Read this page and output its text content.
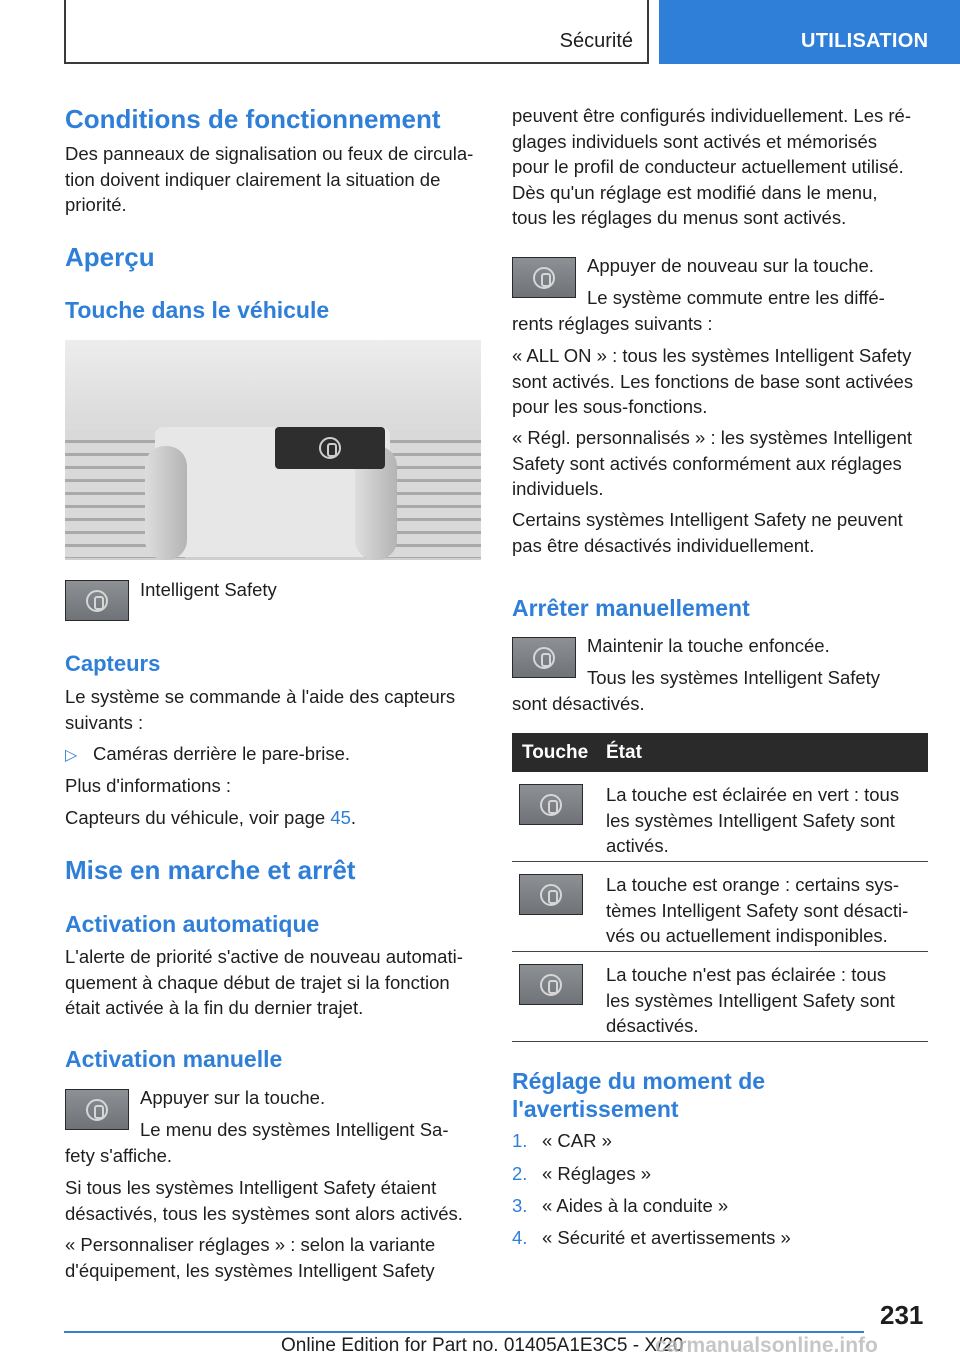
Sécurité	UTILISATION
Conditions de fonctionnement
Des panneaux de signalisation ou feux de circula-
tion doivent indiquer clairement la situation de
priorité.
Aperçu
Touche dans le véhicule
Intelligent Safety
Capteurs
Le système se commande à l'aide des capteurs
suivants :
▷ Caméras derrière le pare-brise.
Plus d'informations :
Capteurs du véhicule, voir page 45.
Mise en marche et arrêt
Activation automatique
L'alerte de priorité s'active de nouveau automati-
quement à chaque début de trajet si la fonction
était activée à la fin du dernier trajet.
Activation manuelle
Appuyer sur la touche.
Le menu des systèmes Intelligent Sa-
fety s'affiche.
Si tous les systèmes Intelligent Safety étaient
désactivés, tous les systèmes sont alors activés.
« Personnaliser réglages » : selon la variante
d'équipement, les systèmes Intelligent Safety
peuvent être configurés individuellement. Les ré-
glages individuels sont activés et mémorisés
pour le profil de conducteur actuellement utilisé.
Dès qu'un réglage est modifié dans le menu,
tous les réglages du menus sont activés.
Appuyer de nouveau sur la touche.
Le système commute entre les diffé-
rents réglages suivants :
« ALL ON » : tous les systèmes Intelligent Safety
sont activés. Les fonctions de base sont activées
pour les sous-fonctions.
« Régl. personnalisés » : les systèmes Intelligent
Safety sont activés conformément aux réglages
individuels.
Certains systèmes Intelligent Safety ne peuvent
pas être désactivés individuellement.
Arrêter manuellement
Maintenir la touche enfoncée.
Tous les systèmes Intelligent Safety
sont désactivés.
Touche État
La touche est éclairée en vert : tous
les systèmes Intelligent Safety sont
activés.
La touche est orange : certains sys-
tèmes Intelligent Safety sont désacti-
vés ou actuellement indisponibles.
La touche n'est pas éclairée : tous
les systèmes Intelligent Safety sont
désactivés.
Réglage du moment de
l'avertissement
1. « CAR »
2. « Réglages »
3. « Aides à la conduite »
4. « Sécurité et avertissements »
231
Online Edition for Part no. 01405A1E3C5 - X/20
carmanualsonline.info
